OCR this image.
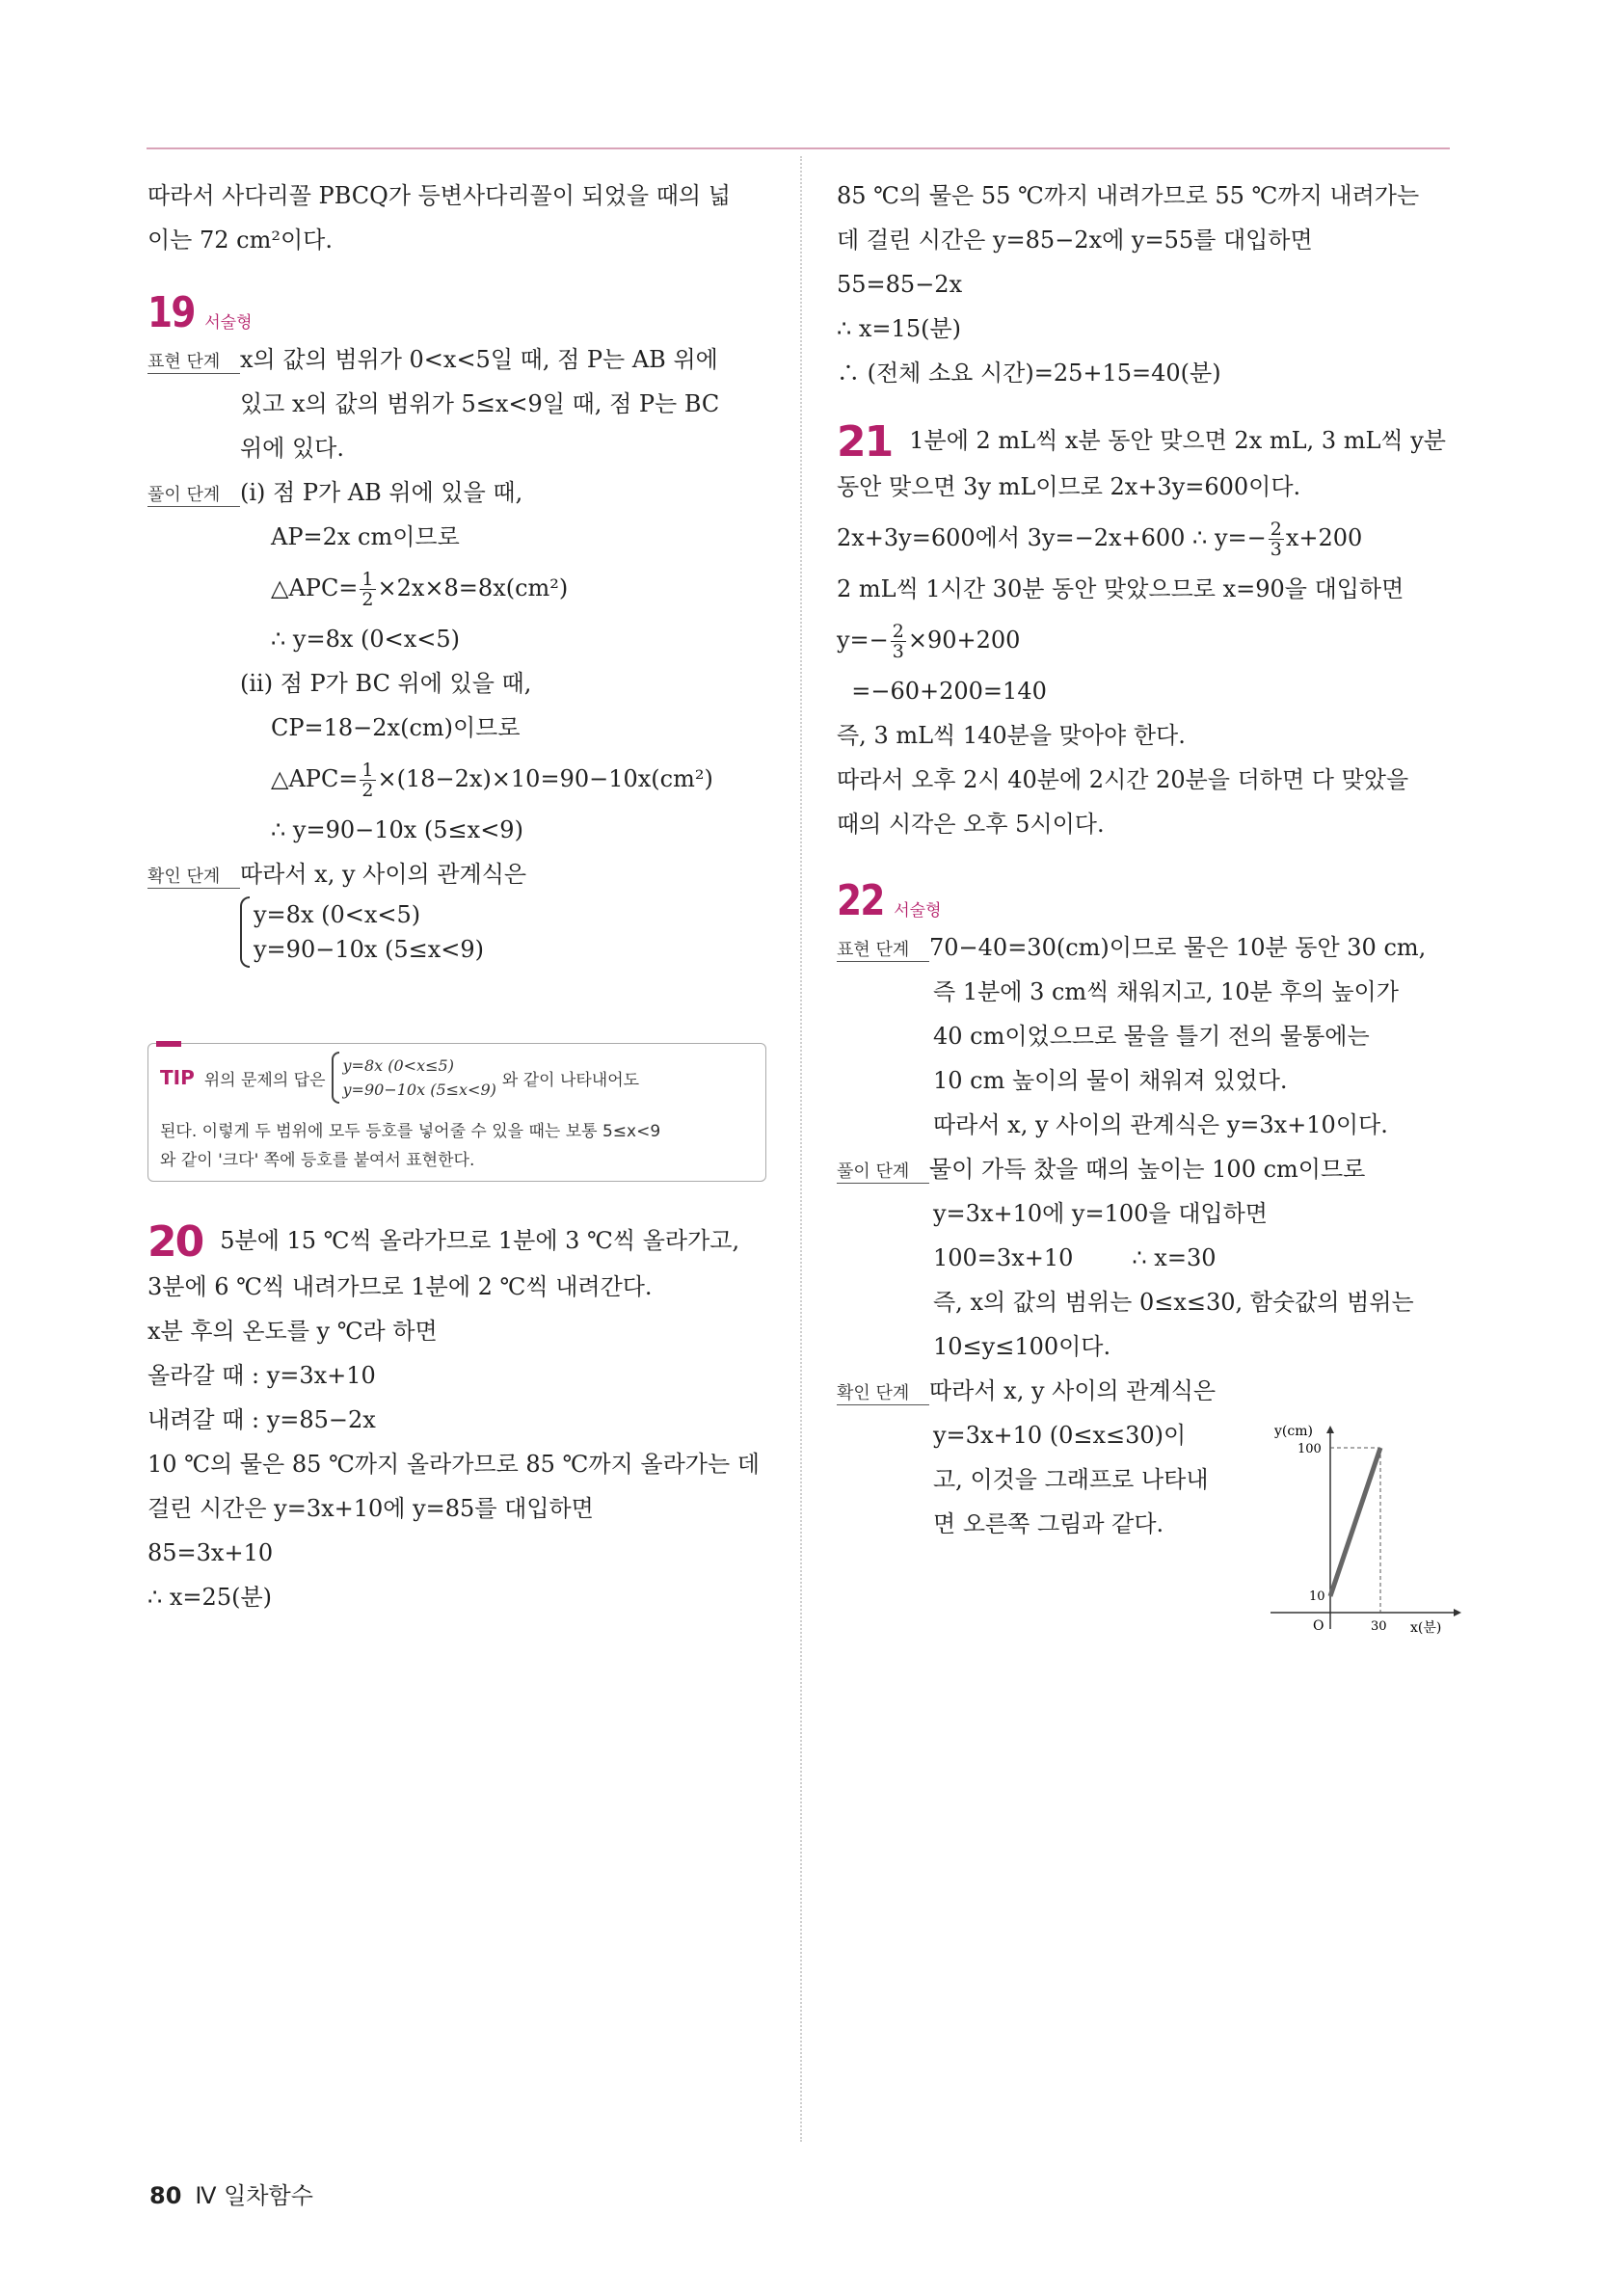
따라서 사다리꼴 PBCQ가 등변사다리꼴이 되었을 때의 넓
이는 72 cm²이다.
19 서술형
표현 단계 x의 값의 범위가 0<x<5일 때, 점 P는 AB 위에
있고 x의 값의 범위가 5≤x<9일 때, 점 P는 BC
위에 있다.
풀이 단계 (i) 점 P가 AB 위에 있을 때,
AP=2x cm이므로
△APC= $\frac{1}{2} \times 2x\times 8=8x(cm^2)$
∴ y=8x (0<x<5)
(ii) 점 P가 BC 위에 있을 때,
CP=18−2x(cm)이므로
△APC= $\frac{1}{2} \times(18-2x)\times 10=90-10x(cm^2)$
∴ y=90−10x (5≤x<9)
확인 단계 따라서 x, y 사이의 관계식은
y=8x (0<x<5)
y=90−10x (5≤x<9)
TIP 위의 문제의 답은
y=8x (0<x≤5)
y=90−10x (5≤x<9) 와 같이 나타내어도
된다. 이렇게 두 범위에 모두 등호를 넣어줄 수 있을 때는 보통 5≤x<9
와 같이 '크다' 쪽에 등호를 붙여서 표현한다.
20 5분에 15 ℃씩 올라가므로 1분에 3 ℃씩 올라가고,
3분에 6 ℃씩 내려가므로 1분에 2 ℃씩 내려간다.
x분 후의 온도를 y ℃라 하면
올라갈 때 : y=3x+10
내려갈 때 : y=85−2x
10 ℃의 물은 85 ℃까지 올라가므로 85 ℃까지 올라가는 데
걸린 시간은 y=3x+10에 y=85를 대입하면
85=3x+10
∴ x=25(분)
85 ℃의 물은 55 ℃까지 내려가므로 55 ℃까지 내려가는
데 걸린 시간은 y=85−2x에 y=55를 대입하면
55=85−2x
∴ x=15(분)
∴ (전체 소요 시간)=25+15=40(분)
21 1분에 2 mL씩 x분 동안 맞으면 2x mL, 3 mL씩 y분
동안 맞으면 3y mL이므로 2x+3y=600이다.
2x+3y=600에서 3y=−2x+600 ∴ $y=- \frac{2}{3} x+200$
2 mL씩 1시간 30분 동안 맞았으므로 x=90을 대입하면
$y=- \frac{2}{3} \times 90+200$
=−60+200=140
즉, 3 mL씩 140분을 맞아야 한다.
따라서 오후 2시 40분에 2시간 20분을 더하면 다 맞았을
때의 시각은 오후 5시이다.
22 서술형
표현 단계 70−40=30(cm)이므로 물은 10분 동안 30 cm,
즉 1분에 3 cm씩 채워지고, 10분 후의 높이가
40 cm이었으므로 물을 틀기 전의 물통에는
10 cm 높이의 물이 채워져 있었다.
따라서 x, y 사이의 관계식은 y=3x+10이다.
풀이 단계 물이 가득 찼을 때의 높이는 100 cm이므로
y=3x+10에 y=100을 대입하면
100=3x+10        ∴ x=30
즉, x의 값의 범위는 0≤x≤30, 함숫값의 범위는
10≤y≤100이다.
확인 단계 따라서 x, y 사이의 관계식은
y=3x+10 (0≤x≤30)이
고, 이것을 그래프로 나타내
면 오른쪽 그림과 같다.
y(cm)
100
10
O	30 x(분)
80 Ⅳ 일차함수
